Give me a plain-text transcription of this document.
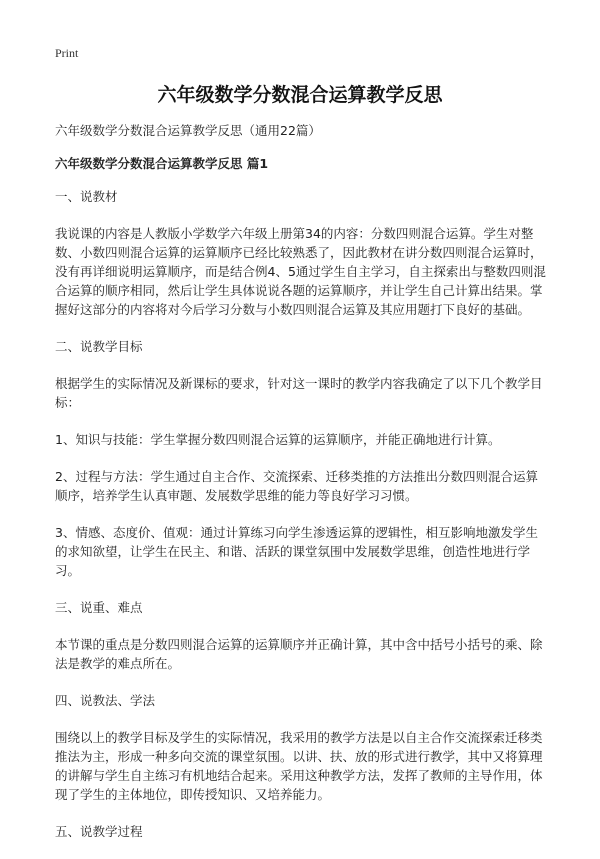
Print
六年级数学分数混合运算教学反思

六年级数学分数混合运算教学反思（通用22篇）

六年级数学分数混合运算教学反思 篇1

一、说教材

我说课的内容是人教版小学数学六年级上册第34的内容：分数四则混合运算。学生对整数、小数四则混合运算的运算顺序已经比较熟悉了，因此教材在讲分数四则混合运算时，没有再详细说明运算顺序，而是结合例4、5通过学生自主学习，自主探索出与整数四则混合运算的顺序相同，然后让学生具体说说各题的运算顺序，并让学生自己计算出结果。掌握好这部分的内容将对今后学习分数与小数四则混合运算及其应用题打下良好的基础。

二、说教学目标

根据学生的实际情况及新课标的要求，针对这一课时的教学内容我确定了以下几个教学目标：

1、知识与技能：学生掌握分数四则混合运算的运算顺序，并能正确地进行计算。

2、过程与方法：学生通过自主合作、交流探索、迁移类推的方法推出分数四则混合运算顺序，培养学生认真审题、发展数学思维的能力等良好学习习惯。

3、情感、态度价、值观：通过计算练习向学生渗透运算的逻辑性，相互影响地激发学生的求知欲望，让学生在民主、和谐、活跃的课堂氛围中发展数学思维，创造性地进行学习。

三、说重、难点

本节课的重点是分数四则混合运算的运算顺序并正确计算，其中含中括号小括号的乘、除法是教学的难点所在。

四、说教法、学法

围绕以上的教学目标及学生的实际情况，我采用的教学方法是以自主合作交流探索迁移类推法为主，形成一种多向交流的课堂氛围。以讲、扶、放的形式进行教学，其中又将算理的讲解与学生自主练习有机地结合起来。采用这种教学方法，发挥了教师的主导作用，体现了学生的主体地位，即传授知识、又培养能力。

五、说教学过程
